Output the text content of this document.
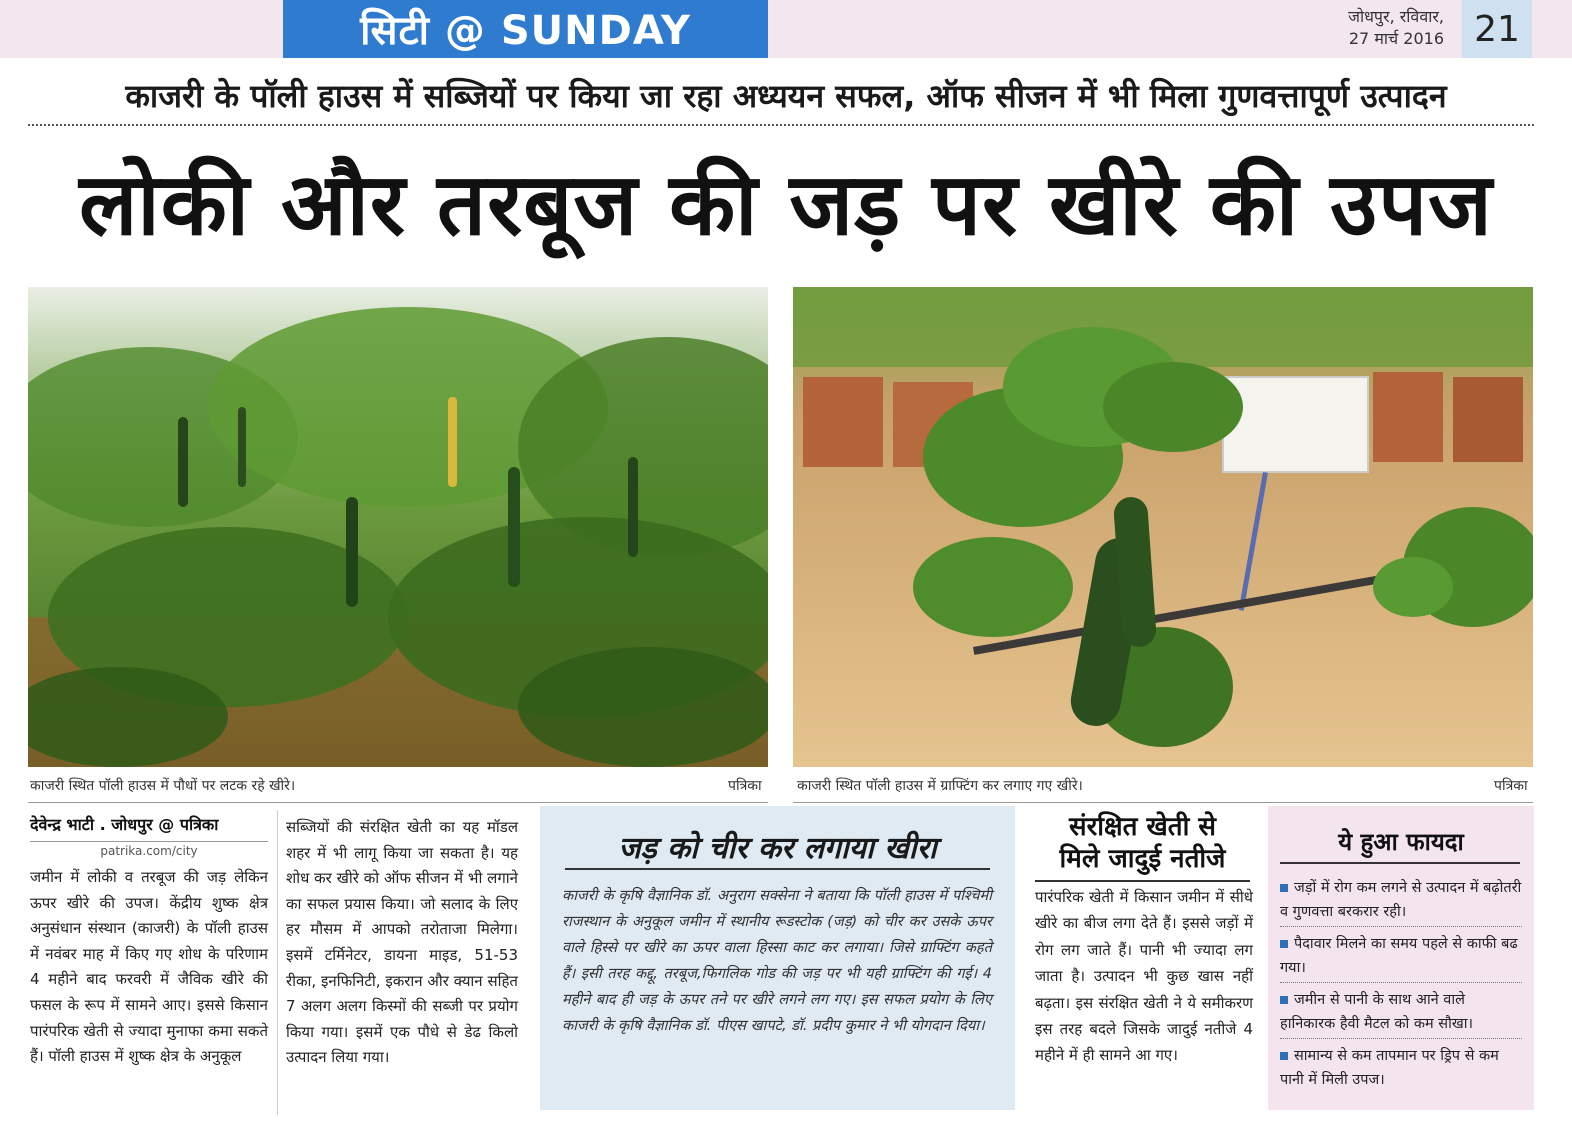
सिटी @ SUNDAY	जोधपुर, रविवार,
27 मार्च 2016 21
काजरी के पॉली हाउस में सब्जियों पर किया जा रहा अध्ययन सफल, ऑफ सीजन में भी मिला गुणवत्तापूर्ण उत्पादन
लोकी और तरबूज की जड़ पर खीरे की उपज
काजरी स्थित पॉली हाउस में पौधों पर लटक रहे खीरे।	पत्रिका	काजरी स्थित पॉली हाउस में ग्राफ्टिंग कर लगाए गए खीरे।	पत्रिका
देवेन्द्र भाटी . जोधपुर @ पत्रिका
patrika.com/city
जमीन में लोकी व तरबूज की जड़ लेकिन ऊपर खीरे की उपज। केंद्रीय शुष्क क्षेत्र अनुसंधान संस्थान (काजरी) के पॉली हाउस में नवंबर माह में किए गए शोध के परिणाम 4 महीने बाद फरवरी में जैविक खीरे की फसल के रूप में सामने आए। इससे किसान पारंपरिक खेती से ज्यादा मुनाफा कमा सकते हैं। पॉली हाउस में शुष्क क्षेत्र के अनुकूल
सब्जियों की संरक्षित खेती का यह मॉडल शहर में भी लागू किया जा सकता है। यह शोध कर खीरे को ऑफ सीजन में भी लगाने का सफल प्रयास किया। जो सलाद के लिए हर मौसम में आपको तरोताजा मिलेगा। इसमें टर्मिनेटर, डायना माइड, 51-53 रीका, इनफिनिटी, इकरान और क्यान सहित 7 अलग अलग किस्मों की सब्जी पर प्रयोग किया गया। इसमें एक पौधे से डेढ किलो उत्पादन लिया गया।
जड़ को चीर कर लगाया खीरा
काजरी के कृषि वैज्ञानिक डॉ. अनुराग सक्सेना ने बताया कि पॉली हाउस में पश्चिमी राजस्थान के अनुकूल जमीन में स्थानीय रूडस्टोक (जड़) को चीर कर उसके ऊपर वाले हिस्से पर खीरे का ऊपर वाला हिस्सा काट कर लगाया। जिसे ग्राफ्टिंग कहते हैं। इसी तरह कद्दू, तरबूज,फिगलिक गोड की जड़ पर भी यही ग्राफ्टिंग की गई। 4 महीने बाद ही जड़ के ऊपर तने पर खीरे लगने लग गए। इस सफल प्रयोग के लिए काजरी के कृषि वैज्ञानिक डॉ. पीएस खापटे, डॉ. प्रदीप कुमार ने भी योगदान दिया।
संरक्षित खेती से
मिले जादुई नतीजे
पारंपरिक खेती में किसान जमीन में सीधे खीरे का बीज लगा देते हैं। इससे जड़ों में रोग लग जाते हैं। पानी भी ज्यादा लग जाता है। उत्पादन भी कुछ खास नहीं बढ़ता। इस संरक्षित खेती ने ये समीकरण इस तरह बदले जिसके जादुई नतीजे 4 महीने में ही सामने आ गए।
ये हुआ फायदा
जड़ों में रोग कम लगने से उत्पादन में बढ़ोतरी व गुणवत्ता बरकरार रही।
पैदावार मिलने का समय पहले से काफी बढ गया।
जमीन से पानी के साथ आने वाले हानिकारक हैवी मैटल को कम सौखा।
सामान्य से कम तापमान पर ड्रिप से कम पानी में मिली उपज।
